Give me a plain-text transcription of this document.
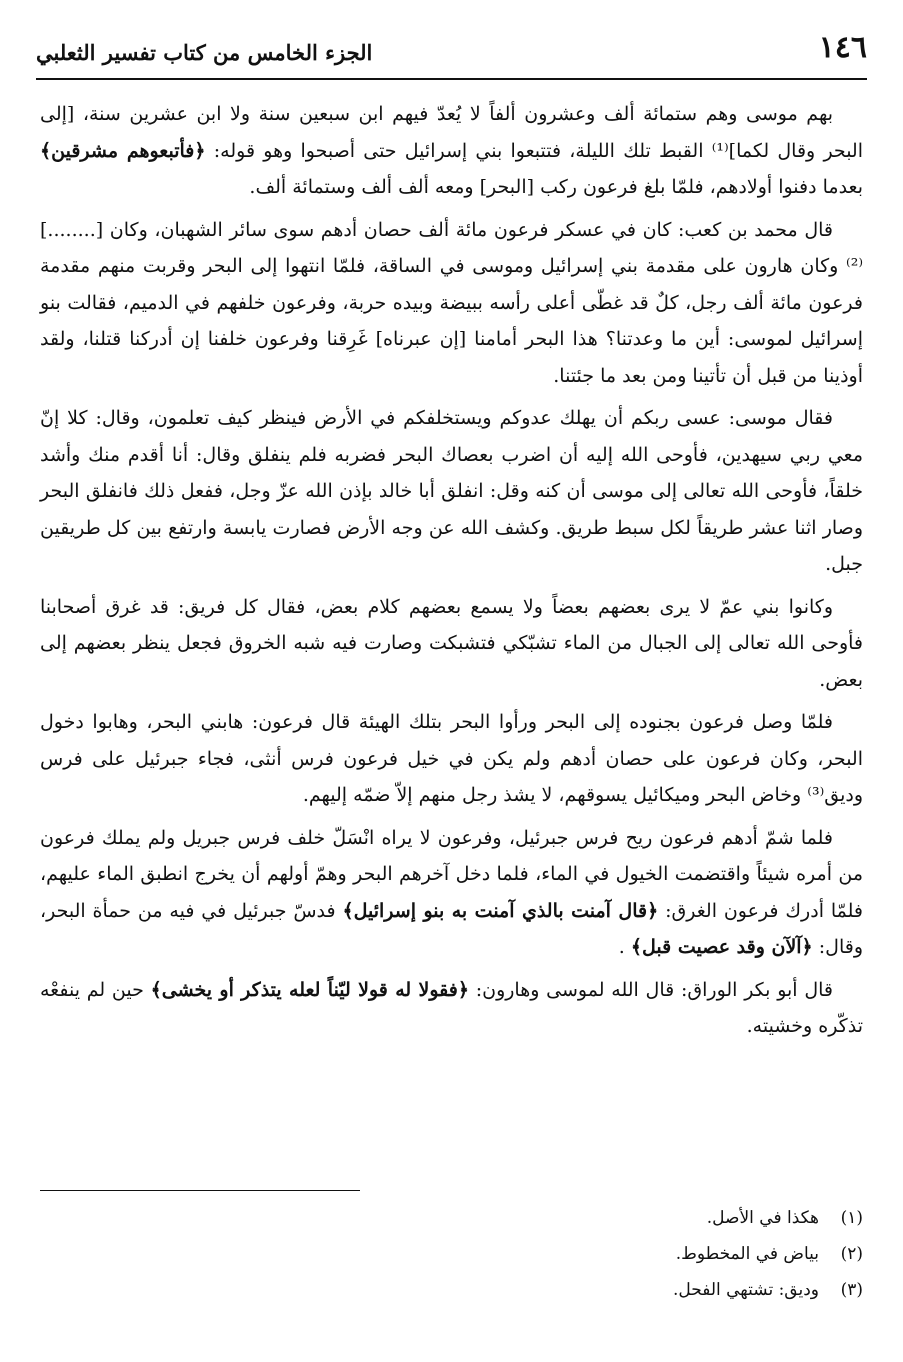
١٤٦
الجزء الخامس من كتاب تفسير الثعلبي

بهم موسى وهم ستمائة ألف وعشرون ألفاً لا يُعدّ فيهم ابن سبعين سنة ولا ابن عشرين سنة، [إلى البحر وقال لكما]⁽¹⁾ القبط تلك الليلة، فتتبعوا بني إسرائيل حتى أصبحوا وهو قوله: ﴿فأتبعوهم مشرقين﴾ بعدما دفنوا أولادهم، فلمّا بلغ فرعون ركب [البحر] ومعه ألف ألف وستمائة ألف.

قال محمد بن كعب: كان في عسكر فرعون مائة ألف حصان أدهم سوى سائر الشهبان، وكان [........]⁽²⁾ وكان هارون على مقدمة بني إسرائيل وموسى في الساقة، فلمّا انتهوا إلى البحر وقربت منهم مقدمة فرعون مائة ألف رجل، كلٌ قد غطّى أعلى رأسه ببيضة وبيده حربة، وفرعون خلفهم في الدميم، فقالت بنو إسرائيل لموسى: أين ما وعدتنا؟ هذا البحر أمامنا [إن عبرناه] غَرِقنا وفرعون خلفنا إن أدركنا قتلنا، ولقد أوذينا من قبل أن تأتينا ومن بعد ما جئتنا.

فقال موسى: عسى ربكم أن يهلك عدوكم ويستخلفكم في الأرض فينظر كيف تعلمون، وقال: كلا إنّ معي ربي سيهدين، فأوحى الله إليه أن اضرب بعصاك البحر فضربه فلم ينفلق وقال: أنا أقدم منك وأشد خلقاً، فأوحى الله تعالى إلى موسى أن كنه وقل: انفلق أبا خالد بإذن الله عزّ وجل، ففعل ذلك فانفلق البحر وصار اثنا عشر طريقاً لكل سبط طريق. وكشف الله عن وجه الأرض فصارت يابسة وارتفع بين كل طريقين جبل.

وكانوا بني عمّ لا يرى بعضهم بعضاً ولا يسمع بعضهم كلام بعض، فقال كل فريق: قد غرق أصحابنا فأوحى الله تعالى إلى الجبال من الماء تشبّكي فتشبكت وصارت فيه شبه الخروق فجعل ينظر بعضهم إلى بعض.

فلمّا وصل فرعون بجنوده إلى البحر ورأوا البحر بتلك الهيئة قال فرعون: هابني البحر، وهابوا دخول البحر، وكان فرعون على حصان أدهم ولم يكن في خيل فرعون فرس أنثى، فجاء جبرئيل على فرس وديق⁽³⁾ وخاض البحر وميكائيل يسوقهم، لا يشذ رجل منهم إلاّ ضمّه إليهم.

فلما شمّ أدهم فرعون ريح فرس جبرئيل، وفرعون لا يراه انْسَلّ خلف فرس جبريل ولم يملك فرعون من أمره شيئاً واقتضمت الخيول في الماء، فلما دخل آخرهم البحر وهمّ أولهم أن يخرج انطبق الماء عليهم، فلمّا أدرك فرعون الغرق: ﴿قال آمنت بالذي آمنت به بنو إسرائيل﴾ فدسّ جبرئيل في فيه من حمأة البحر، وقال: ﴿آلآن وقد عصيت قبل﴾ .

قال أبو بكر الوراق: قال الله لموسى وهارون: ﴿فقولا له قولا ليّناً لعله يتذكر أو يخشى﴾ حين لم ينفعْه تذكّره وخشيته.

(١)هكذا في الأصل.

(٢)بياض في المخطوط.

(٣)وديق: تشتهي الفحل.
